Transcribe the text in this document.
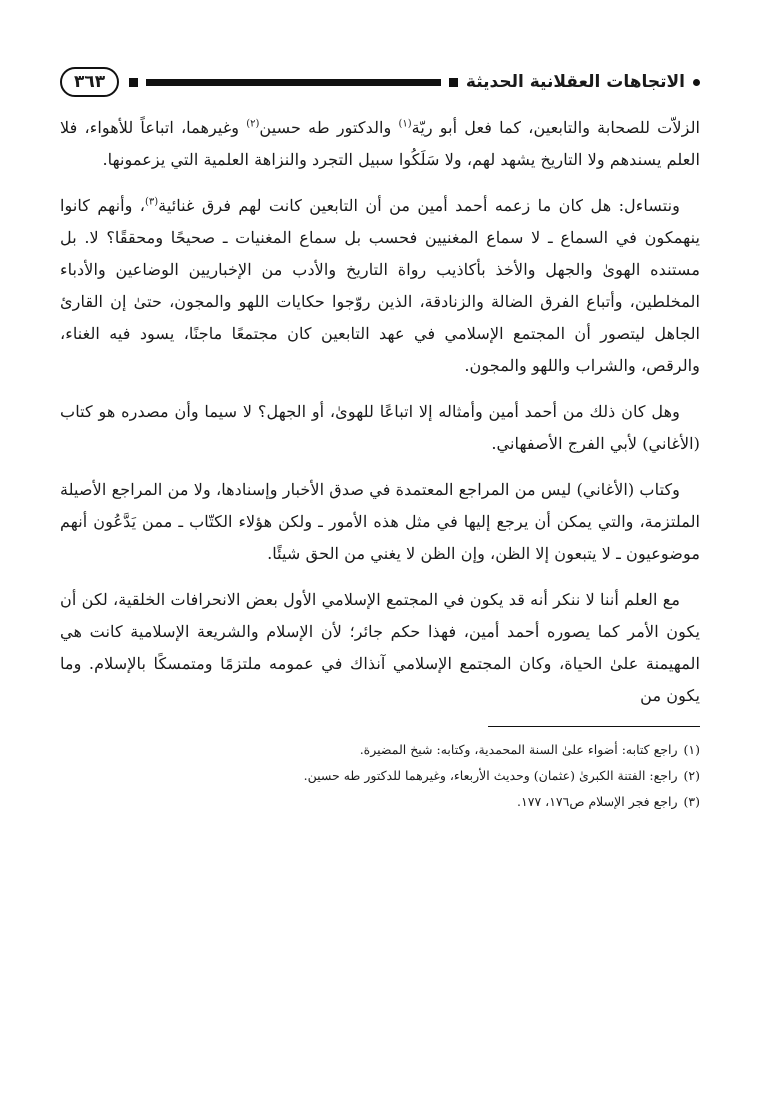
الاتجاهات العقلانية الحديثة
٣٦٣

الزلاّت للصحابة والتابعين، كما فعل أبو ريّة$^{(١)}$ والدكتور طه حسين$^{(٢)}$ وغيرهما، اتباعاً للأهواء، فلا العلم يسندهم ولا التاريخ يشهد لهم، ولا سَلَكُوا سبيل التجرد والنزاهة العلمية التي يزعمونها.

ونتساءل: هل كان ما زعمه أحمد أمين من أن التابعين كانت لهم فرق غنائية$^{(٣)}$، وأنهم كانوا ينهمكون في السماع ـ لا سماع المغنيين فحسب بل سماع المغنيات ـ صحيحًا ومحققًا؟ لا. بل مستنده الهوىٰ والجهل والأخذ بأكاذيب رواة التاريخ والأدب من الإخباريين الوضاعين والأدباء المخلطين، وأتباع الفرق الضالة والزنادقة، الذين روّجوا حكايات اللهو والمجون، حتىٰ إن القارئ الجاهل ليتصور أن المجتمع الإسلامي في عهد التابعين كان مجتمعًا ماجنًا، يسود فيه الغناء، والرقص، والشراب واللهو والمجون.

وهل كان ذلك من أحمد أمين وأمثاله إلا اتباعًا للهوىٰ، أو الجهل؟ لا سيما وأن مصدره هو كتاب (الأغاني) لأبي الفرج الأصفهاني.

وكتاب (الأغاني) ليس من المراجع المعتمدة في صدق الأخبار وإسنادها، ولا من المراجع الأصيلة الملتزمة، والتي يمكن أن يرجع إليها في مثل هذه الأمور ـ ولكن هؤلاء الكتّاب ـ ممن يَدَّعُون أنهم موضوعيون ـ لا يتبعون إلا الظن، وإن الظن لا يغني من الحق شيئًا.

مع العلم أننا لا ننكر أنه قد يكون في المجتمع الإسلامي الأول بعض الانحرافات الخلقية، لكن أن يكون الأمر كما يصوره أحمد أمين، فهذا حكم جائر؛ لأن الإسلام والشريعة الإسلامية كانت هي المهيمنة علىٰ الحياة، وكان المجتمع الإسلامي آنذاك في عمومه ملتزمًا ومتمسكًا بالإسلام. وما يكون من

(١)
راجع كتابه: أضواء علىٰ السنة المحمدية، وكتابه: شيخ المضيرة.
(٢)
راجع: الفتنة الكبرىٰ (عثمان) وحديث الأربعاء، وغيرهما للدكتور طه حسين.
(٣)
راجع فجر الإسلام ص١٧٦، ١٧٧.
